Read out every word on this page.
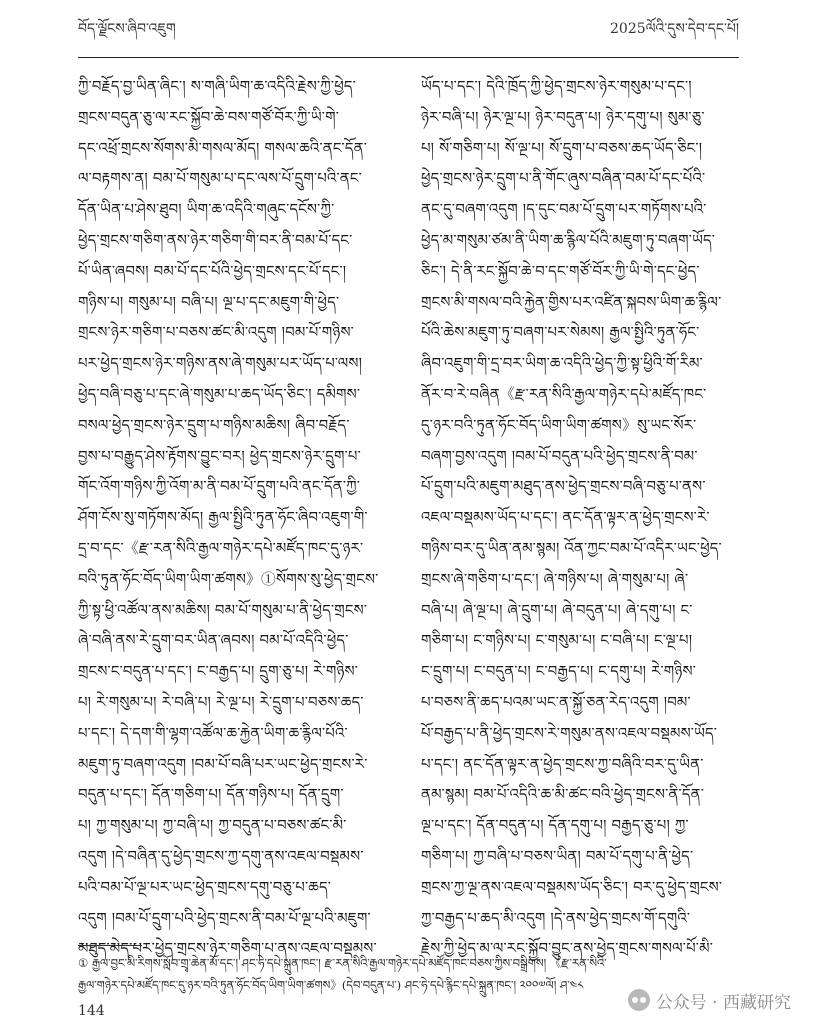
བོད་ལྗོངས་ཞིབ་འཇུག	2025ལོའི་དུས་དེབ་དང་པོ།
ཀྱི་བརྗོད་བྱ་ཡིན་ཞིང་། ས་གཞི་ཡིག་ཆ་འདིའི་རྗེས་ཀྱི་ཕྱེད་
གྲངས་བདུན་ཅུ་ལ་རང་སྐྱོབ་ཆེ་བས་གཙོ་བོར་ཀྱི་ཡི་གེ་
དང་འཕྲོ་གྲངས་སོགས་མི་གསལ་མོད། གསལ་ཆའི་ནང་དོན་
ལ་བརྟགས་ན། བམ་པོ་གསུམ་པ་དང་ལས་པོ་དྲུག་པའི་ནང་
དོན་ཡིན་པ་ཤེས་ཐུབ། ཡིག་ཆ་འདིའི་གཞུང་དངོས་ཀྱི་
ཕྱེད་གྲངས་གཅིག་ནས་ཉེར་གཅིག་གི་བར་ནི་བམ་པོ་དང་
པོ་ཡིན་ཞབས། བམ་པོ་དང་པོའི་ཕྱེད་གྲངས་དང་པོ་དང་།
གཉིས་པ། གསུམ་པ། བཞི་པ། ལྔ་པ་དང་མཇུག་གི་ཕྱེད་
གྲངས་ཉེར་གཅིག་པ་བཅས་ཚང་མི་འདུག །བམ་པོ་གཉིས་
པར་ཕྱེད་གྲངས་ཉེར་གཉིས་ནས་ཞེ་གསུམ་པར་ཡོད་པ་ལས།
ཕྱེད་བཞི་བཅུ་པ་དང་ཞེ་གསུམ་པ་ཆད་ཡོད་ཅིང་། དམིགས་
བསལ་ཕྱེད་གྲངས་ཉེར་དྲུག་པ་གཉིས་མཆིས། ཞིབ་བརྗོད་
བྱས་པ་བརྒྱུད་ཤེས་རྟོགས་བྱུང་བར། ཕྱེད་གྲངས་ཉེར་དྲུག་པ་
གོང་འོག་གཉིས་ཀྱི་འོག་མ་ནི་བམ་པོ་དྲུག་པའི་ནང་དོན་ཀྱི་
ཤོག་ངོས་སུ་གཏོགས་མོད། རྒྱལ་སྤྱིའི་ཏུན་ཧོང་ཞིབ་འཇུག་གི་
དྲ་བ་དང་《རྫ་རན་སིའི་རྒྱལ་གཉེར་དཔེ་མཛོད་ཁང་དུ་ཉར་
བའི་ཏུན་ཧོང་བོད་ཡིག་ཡིག་ཚགས》①སོགས་སུ་ཕྱེད་གྲངས་
ཀྱི་སྟ་ཕྱི་འཚོལ་ནས་མཆིས། བམ་པོ་གསུམ་པ་ནི་ཕྱེད་གྲངས་
ཞེ་བཞི་ནས་རེ་དྲུག་བར་ཡིན་ཞབས། བམ་པོ་འདིའི་ཕྱེད་
གྲངས་ང་བདུན་པ་དང་། ང་བརྒྱད་པ། དྲུག་ཅུ་པ། རེ་གཉིས་
པ། རེ་གསུམ་པ། རེ་བཞི་པ། རེ་ལྔ་པ། རེ་དྲུག་པ་བཅས་ཆད་
པ་དང་། དེ་དག་གི་ལྷག་འཚོལ་ཆ་རྐྱེན་ཡིག་ཆ་རྙིལ་པོའི་
མཇུག་ཏུ་བཞག་འདུག །བམ་པོ་བཞི་པར་ཡང་ཕྱེད་གྲངས་རེ་
བདུན་པ་དང་། དོན་གཅིག་པ། དོན་གཉིས་པ། དོན་དྲུག་
པ། ཀྱ་གསུམ་པ། ཀྱ་བཞི་པ། ཀྱ་བདུན་པ་བཅས་ཚང་མི་
འདུག །དེ་བཞིན་དུ་ཕྱེད་གྲངས་ཀྱ་དགུ་ནས་འཇལ་བསྡམས་
པའི་བམ་པོ་ལྔ་པར་ཡང་ཕྱེད་གྲངས་དགུ་བཅུ་པ་ཆད་
འདུག །བམ་པོ་དྲུག་པའི་ཕྱེད་གྲངས་ནི་བམ་པོ་ལྔ་པའི་མཇུག་
མཐུད་མེད་པར་ཕྱེད་གྲངས་ཉེར་གཅིག་པ་ནས་འཇལ་བསྡམས་
ཡོད་པ་དང་། དེའི་ཁྲོད་ཀྱི་ཕྱེད་གྲངས་ཉེར་གསུམ་པ་དང་།
ཉེར་བཞི་པ། ཉེར་ལྔ་པ། ཉེར་བདུན་པ། ཉེར་དགུ་པ། སུམ་ཅུ་
པ། སོ་གཅིག་པ། སོ་ལྔ་པ། སོ་དྲུག་པ་བཅས་ཆད་ཡོད་ཅིང་།
ཕྱེད་གྲངས་ཉེར་དྲུག་པ་ནི་གོང་ཞུས་བཞིན་བམ་པོ་དང་པོའི་
ནང་དུ་བཞག་འདུག །ད་དུང་བམ་པོ་དྲུག་པར་གཏོགས་པའི་
ཕྱེད་མ་གསུམ་ཙམ་ནི་ཡིག་ཆ་རྙིལ་པོའི་མཇུག་ཏུ་བཞག་ཡོད་
ཅིང་། དེ་ནི་རང་སྐྱོབ་ཆེ་བ་དང་གཙོ་བོར་ཀྱི་ཡི་གེ་དང་ཕྱེད་
གྲངས་མི་གསལ་བའི་རྐྱེན་གྱིས་པར་འཛིན་སྐབས་ཡིག་ཆ་རྙིལ་
པོའི་ཆེས་མཇུག་ཏུ་བཞག་པར་སེམས། རྒྱལ་སྤྱིའི་ཏུན་ཧོང་
ཞིབ་འཇུག་གི་དྲ་བར་ཡིག་ཆ་འདིའི་ཕྱེད་ཀྱི་སྟ་ཕྱིའི་གོ་རིམ་
ནོར་བ་རེ་བཞིན《རྫ་རན་སིའི་རྒྱལ་གཉེར་དཔེ་མཛོད་ཁང་
དུ་ཉར་བའི་ཏུན་ཧོང་བོད་ཡིག་ཡིག་ཚགས》སུ་ཡང་སོར་
བཞག་བྱས་འདུག །བམ་པོ་བདུན་པའི་ཕྱེད་གྲངས་ནི་བམ་
པོ་དྲུག་པའི་མཇུག་མཐུད་ནས་ཕྱེད་གྲངས་བཞི་བཅུ་པ་ནས་
འཇལ་བསྡམས་ཡོད་པ་དང་། ནང་དོན་ལྟར་ན་ཕྱེད་གྲངས་རེ་
གཉིས་བར་དུ་ཡིན་ནམ་སྙམ། འོན་ཀྱང་བམ་པོ་འདིར་ཡང་ཕྱེད་
གྲངས་ཞེ་གཅིག་པ་དང་། ཞེ་གཉིས་པ། ཞེ་གསུམ་པ། ཞེ་
བཞི་པ། ཞེ་ལྔ་པ། ཞེ་དྲུག་པ། ཞེ་བདུན་པ། ཞེ་དགུ་པ། ང་
གཅིག་པ། ང་གཉིས་པ། ང་གསུམ་པ། ང་བཞི་པ། ང་ལྔ་པ།
ང་དྲུག་པ། ང་བདུན་པ། ང་བརྒྱད་པ། ང་དགུ་པ། རེ་གཉིས་
པ་བཅས་ནི་ཆད་པའམ་ཡང་ན་སྐྱོ་ཅན་རེད་འདུག །བམ་
པོ་བརྒྱད་པ་ནི་ཕྱེད་གྲངས་རེ་གསུམ་ནས་འཇལ་བསྡམས་ཡོད་
པ་དང་། ནང་དོན་ལྟར་ན་ཕྱེད་གྲངས་ཀྱ་བཞིའི་བར་དུ་ཡིན་
ནམ་སྙམ། བམ་པོ་འདིའི་ཆ་མི་ཚང་བའི་ཕྱེད་གྲངས་ནི་དོན་
ལྔ་པ་དང་། དོན་བདུན་པ། དོན་དགུ་པ། བརྒྱད་ཅུ་པ། ཀྱ་
གཅིག་པ། ཀྱ་བཞི་པ་བཅས་ཡིན། བམ་པོ་དགུ་པ་ནི་ཕྱེད་
གྲངས་ཀྱ་ལྔ་ནས་འཇལ་བསྡམས་ཡོད་ཅིང་། བར་དུ་ཕྱེད་གྲངས་
ཀྱ་བརྒྱད་པ་ཆད་མི་འདུག །དེ་ནས་ཕྱེད་གྲངས་གོ་དགུའི་
རྗེས་ཀྱི་ཕྱེད་མ་ལ་རང་སྐྱོབ་བྱུང་ནས་ཕྱེད་གྲངས་གསལ་པོ་མི་
① རྒྱལ་བྱང་མི་རིགས་སློབ་གྲྭ་ཆེན་མོ་དང་། ཤང་ཧེ་དཔེ་སྐྲུན་ཁང་། རྫ་རན་སིའི་རྒྱལ་གཉེར་དཔེ་མཛོད་ཁང་བཅས་ཀྱིས་བསྒྲིགས། 《རྫ་རན་སིའི་
རྒྱལ་གཉེར་དཔེ་མཛོད་ཁང་དུ་ཉར་བའི་ཏུན་ཧོང་བོད་ཡིག་ཡིག་ཚགས》(དེབ་བདུན་པ་) ཤང་ཧེ་དཔེ་རྙིང་དཔེ་སྐྲུན་ཁང་། ༢༠༠༧ལོ། ཤ་༤༨
144	公众号 · 西藏研究
